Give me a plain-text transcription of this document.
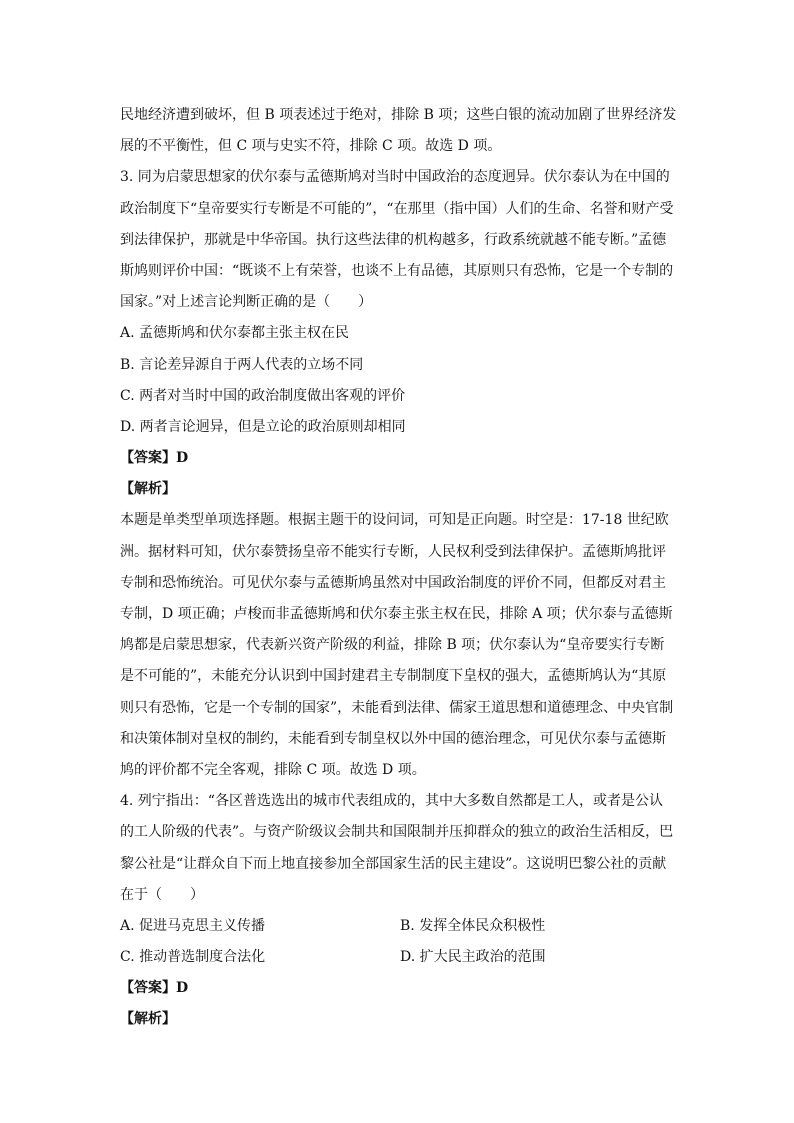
民地经济遭到破坏，但 B 项表述过于绝对，排除 B 项；这些白银的流动加剧了世界经济发
展的不平衡性，但 C 项与史实不符，排除 C 项。故选 D 项。
3. 同为启蒙思想家的伏尔泰与孟德斯鸠对当时中国政治的态度迥异。伏尔泰认为在中国的
政治制度下“皇帝要实行专断是不可能的”，“在那里（指中国）人们的生命、名誉和财产受
到法律保护，那就是中华帝国。执行这些法律的机构越多，行政系统就越不能专断。”孟德
斯鸠则评价中国：“既谈不上有荣誉，也谈不上有品德，其原则只有恐怖，它是一个专制的
国家。”对上述言论判断正确的是（　　）
A. 孟德斯鸠和伏尔泰都主张主权在民
B. 言论差异源自于两人代表的立场不同
C. 两者对当时中国的政治制度做出客观的评价
D. 两者言论迥异，但是立论的政治原则却相同
【答案】D
【解析】
本题是单类型单项选择题。根据主题干的设问词，可知是正向题。时空是：17-18 世纪欧
洲。据材料可知，伏尔泰赞扬皇帝不能实行专断，人民权利受到法律保护。孟德斯鸠批评
专制和恐怖统治。可见伏尔泰与孟德斯鸠虽然对中国政治制度的评价不同，但都反对君主
专制，D 项正确；卢梭而非孟德斯鸠和伏尔泰主张主权在民，排除 A 项；伏尔泰与孟德斯
鸠都是启蒙思想家，代表新兴资产阶级的利益，排除 B 项；伏尔泰认为“皇帝要实行专断
是不可能的”，未能充分认识到中国封建君主专制制度下皇权的强大，孟德斯鸠认为“其原
则只有恐怖，它是一个专制的国家”，未能看到法律、儒家王道思想和道德理念、中央官制
和决策体制对皇权的制约，未能看到专制皇权以外中国的德治理念，可见伏尔泰与孟德斯
鸠的评价都不完全客观，排除 C 项。故选 D 项。
4. 列宁指出：“各区普选选出的城市代表组成的，其中大多数自然都是工人，或者是公认
的工人阶级的代表”。与资产阶级议会制共和国限制并压抑群众的独立的政治生活相反，巴
黎公社是“让群众自下而上地直接参加全部国家生活的民主建设”。这说明巴黎公社的贡献
在于（　　）
A. 促进马克思主义传播	B. 发挥全体民众积极性
C. 推动普选制度合法化	D. 扩大民主政治的范围
【答案】D
【解析】
